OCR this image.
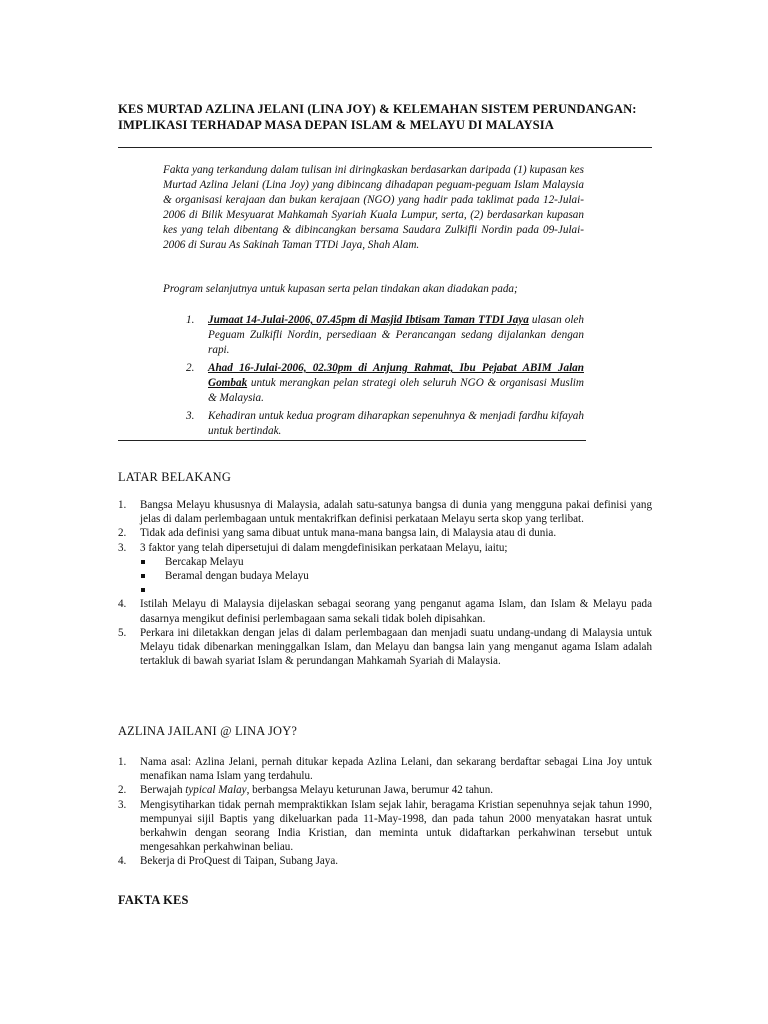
KES MURTAD AZLINA JELANI (LINA JOY) & KELEMAHAN SISTEM PERUNDANGAN:
IMPLIKASI TERHADAP MASA DEPAN ISLAM & MELAYU DI MALAYSIA

Fakta yang terkandung dalam tulisan ini diringkaskan berdasarkan daripada (1) kupasan kes Murtad Azlina Jelani (Lina Joy) yang dibincang dihadapan peguam-peguam Islam Malaysia & organisasi kerajaan dan bukan kerajaan (NGO) yang hadir pada taklimat pada 12-Julai-2006 di Bilik Mesyuarat Mahkamah Syariah Kuala Lumpur, serta, (2) berdasarkan kupasan kes yang telah dibentang & dibincangkan bersama Saudara Zulkifli Nordin pada 09-Julai-2006 di Surau As Sakinah Taman TTDi Jaya, Shah Alam.

Program selanjutnya untuk kupasan serta pelan tindakan akan diadakan pada;

1. Jumaat 14-Julai-2006, 07.45pm di Masjid Ibtisam Taman TTDI Jaya ulasan oleh Peguam Zulkifli Nordin, persediaan & Perancangan sedang dijalankan dengan rapi.
2. Ahad 16-Julai-2006, 02.30pm di Anjung Rahmat, Ibu Pejabat ABIM Jalan Gombak untuk merangkan pelan strategi oleh seluruh NGO & organisasi Muslim & Malaysia.
3. Kehadiran untuk kedua program diharapkan sepenuhnya & menjadi fardhu kifayah untuk bertindak.
LATAR BELAKANG
1. Bangsa Melayu khususnya di Malaysia, adalah satu-satunya bangsa di dunia yang mengguna pakai definisi yang jelas di dalam perlembagaan untuk mentakrifkan definisi perkataan Melayu serta skop yang terlibat.
2. Tidak ada definisi yang sama dibuat untuk mana-mana bangsa lain, di Malaysia atau di dunia.
3. 3 faktor yang telah dipersetujui di dalam mengdefinisikan perkataan Melayu, iaitu;
Bercakap Melayu
Beramal dengan budaya Melayu
4. Istilah Melayu di Malaysia dijelaskan sebagai seorang yang penganut agama Islam, dan Islam & Melayu pada dasarnya mengikut definisi perlembagaan sama sekali tidak boleh dipisahkan.
5. Perkara ini diletakkan dengan jelas di dalam perlembagaan dan menjadi suatu undang-undang di Malaysia untuk Melayu tidak dibenarkan meninggalkan Islam, dan Melayu dan bangsa lain yang menganut agama Islam adalah tertakluk di bawah syariat Islam & perundangan Mahkamah Syariah di Malaysia.
AZLINA JAILANI @ LINA JOY?
1. Nama asal: Azlina Jelani, pernah ditukar kepada Azlina Lelani, dan sekarang berdaftar sebagai Lina Joy untuk menafikan nama Islam yang terdahulu.
2. Berwajah typical Malay, berbangsa Melayu keturunan Jawa, berumur 42 tahun.
3. Mengisytiharkan tidak pernah mempraktikkan Islam sejak lahir, beragama Kristian sepenuhnya sejak tahun 1990, mempunyai sijil Baptis yang dikeluarkan pada 11-May-1998, dan pada tahun 2000 menyatakan hasrat untuk berkahwin dengan seorang India Kristian, dan meminta untuk didaftarkan perkahwinan tersebut untuk mengesahkan perkahwinan beliau.
4. Bekerja di ProQuest di Taipan, Subang Jaya.
FAKTA KES
